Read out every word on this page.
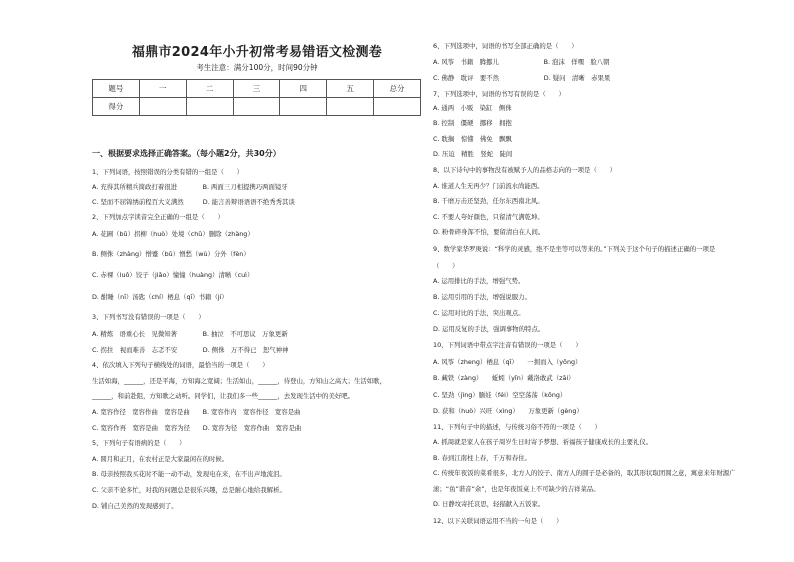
福鼎市2024年小升初常考易错语文检测卷
考生注意：满分100分，时间90分钟
题号	一	二	三	四	五	总分
得分						
一、根据要求选择正确答案。（每小题2分，共30分）
1、下列词语，按照错误的分类有错的一组是（　　）
A. 充得其所精兵简政打着很进　　　　B. 两面三刀相提携巧两面镜牙
C. 坚而不屈锦绣前程百大义满然　　　D. 能言善辩语语语不绝秀秀其谈
2、下列加点字读音完全正确的一组是（　　）
A. 花圃（bǔ）拐柳（huò）处境（chǔ）删除（zhàng）
B. 侧侏（zhàng）憎蹙（bǔ）憎愁（wù）分外（fèn）
C. 赤裸（luǒ）饺子（jiǎo）憧憧（huàng）清晰（cuì）
D. 酣睡（nī）汤匙（chí）栖息（qī）书籍（jí）
3、下列书写没有错误的一项是（　　）
A. 精炼　语重心长　见微知著　　　　B. 抽泣　不可思议　万象更新
C. 拐拄　视而难善　志忑不安　　　　D. 侧侏　万不得已　恕气神神
4、依次填入下列句子横线处的词语，最恰当的一项是（　　）
生活如海，______，还是平海，方知海之宽阔；生活如山，______，待登山，方知山之高大；生活如歌，
______，和前赴阻，方知歌之动听。同学们，让我们多一些______，去发现生活中的美好吧。
A. 宽容作径　宽容作曲　宽容是曲　　B. 宽容作内　宽容作径　宽容是曲
C. 宽容作再　宽容是曲　宽容为径　　D. 宽容为径　宽容作曲　宽容是曲
5、下列句子有语病的是（　　）
A. 圆月和正月，在农村正是大家最闲在的时候。
B. 母亲按照我买花时不能一动不动，发现电在来，在不出声地流泪。
C. 父亲不论多忙，对我的问题总是很乐兴趣，总是耐心地给我解析。
D. 铺自己美然的发现感到了。
6、下列选项中，词语的书写全部正确的是（　　）
A. 风筝　书籍　腾挪儿　　　　　　　B. 泡沫　佯嘿　脸八朝
C. 佛静　耽评　要不然　　　　　　　D. 疑问　清晰　赤果果
7、下列选项中，词语的书写有误的是（　　）
A. 通两　小贩　染缸　侧侏
B. 控制　僵硬　挪移　拥抱
C. 耽搁　惊懂　佛免　飘飘
D. 压迫　精胜　竖蛇　陡间
8、以下诗句中的事物没有被赋予人的品格志向的一项是（　　）
A. 谁道人生无再少？门前流水尚能西。
B. 千磨万击还坚劲，任尔东西南北风。
C. 不要人夸好颜色，只留清气满乾坤。
D. 粉骨碎身浑不怕，要留清白在人间。
9、数学家华罗庚说：“科学的灵感，绝不是坐等可以等来的。”下列关于这个句子的描述正确的一项是
（　　）
A. 运用排比的手法，增强气势。
B. 运用引用的手法，增强说服力。
C. 运用对比的手法，突出观点。
D. 运用反复的手法，强调事物的特点。
10、下列词语中带点字注音有错误的一项是（　　）
A. 风筝（zheng）栖息（qī）　　一拥而入（yōng）
B. 藏铁（zàng）　　蚯蚓（yǐn）戴洛敢武（zāi）
C. 坚劲（jìng）腼娃（féi）空空荡荡（kōng）
D. 获和（huò）兴旺（xìng）　　万象更新（gèng）
11、下列句子中的描述，与传统习俗不符的一项是（　　）
A. 抓周就是家人在孩子周岁生日时寄予梦想、祈福孩子健康成长的主要礼仪。
B. 春到江南柱上春，千万和春住。
C. 传统年夜饭的菜肴很多，北方人的饺子、南方人的圆子是必备的，取其形状取团圆之意，寓意来年财源广
滚；“鱼”谐音“余”，也是年夜饭桌上不可缺少的吉祥菜品。
D. 日静坟寄托哀思，轻描献入五饭家。
12、以下关联词语运用不当的一句是（　　）
